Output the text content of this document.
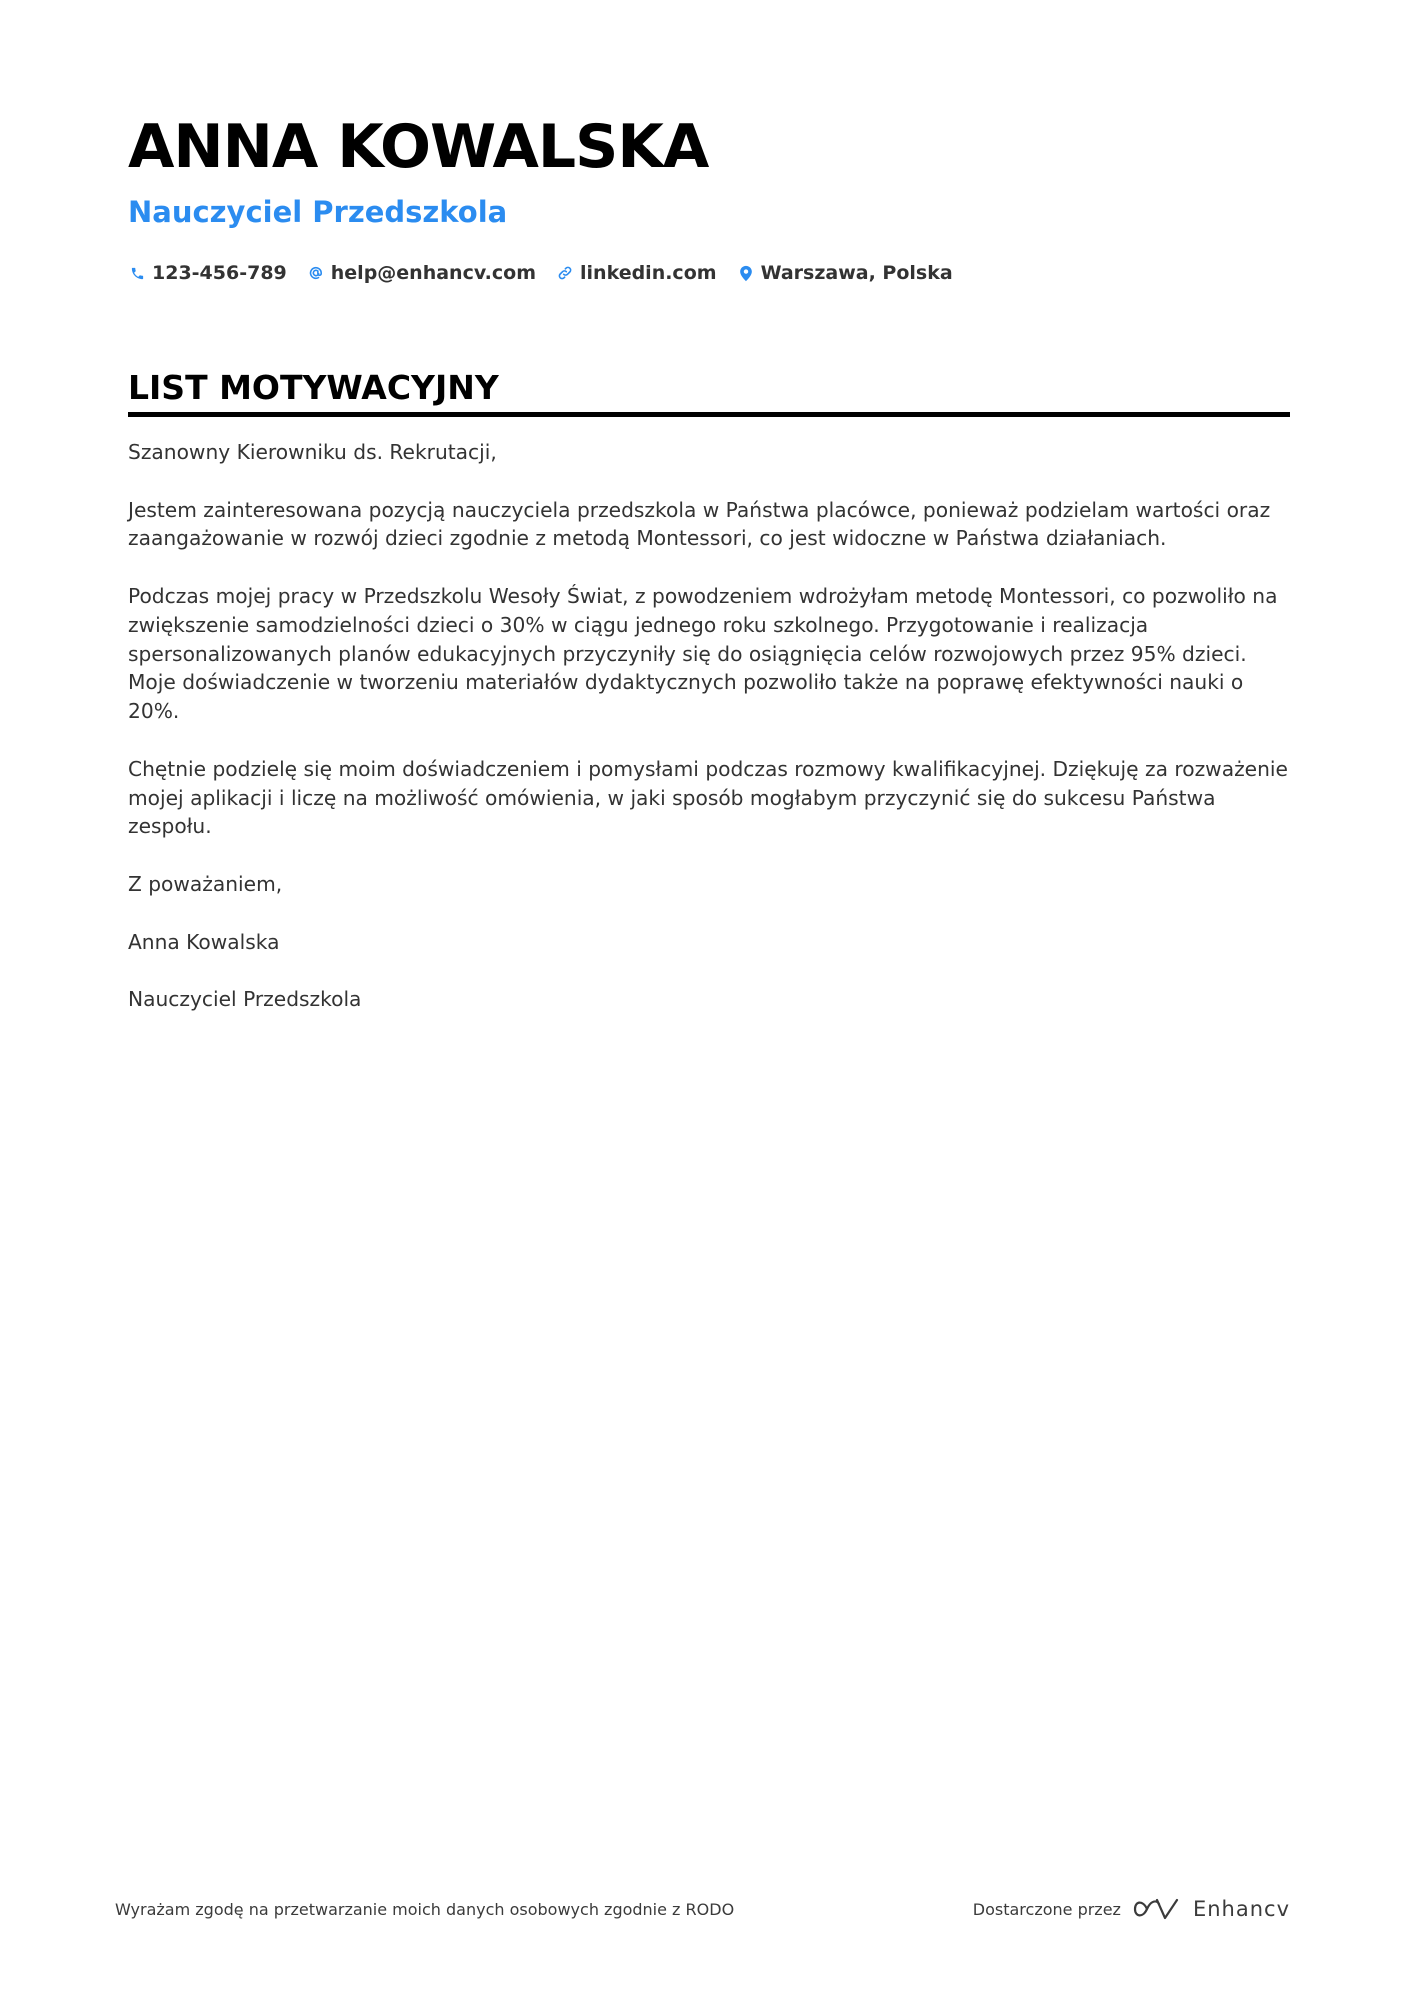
ANNA KOWALSKA
Nauczyciel Przedszkola
123-456-789 help@enhancv.com linkedin.com Warszawa, Polska
LIST MOTYWACYJNY

Szanowny Kierowniku ds. Rekrutacji,

Jestem zainteresowana pozycją nauczyciela przedszkola w Państwa placówce, ponieważ podzielam wartości oraz zaangażowanie w rozwój dzieci zgodnie z metodą Montessori, co jest widoczne w Państwa działaniach.

Podczas mojej pracy w Przedszkolu Wesoły Świat, z powodzeniem wdrożyłam metodę Montessori, co pozwoliło na zwiększenie samodzielności dzieci o 30% w ciągu jednego roku szkolnego. Przygotowanie i realizacja spersonalizowanych planów edukacyjnych przyczyniły się do osiągnięcia celów rozwojowych przez 95% dzieci. Moje doświadczenie w tworzeniu materiałów dydaktycznych pozwoliło także na poprawę efektywności nauki o 20%.

Chętnie podzielę się moim doświadczeniem i pomysłami podczas rozmowy kwalifikacyjnej. Dziękuję za rozważenie mojej aplikacji i liczę na możliwość omówienia, w jaki sposób mogłabym przyczynić się do sukcesu Państwa zespołu.

Z poważaniem,

Anna Kowalska

Nauczyciel Przedszkola

Wyrażam zgodę na przetwarzanie moich danych osobowych zgodnie z RODO	Dostarczone przez	Enhancv
